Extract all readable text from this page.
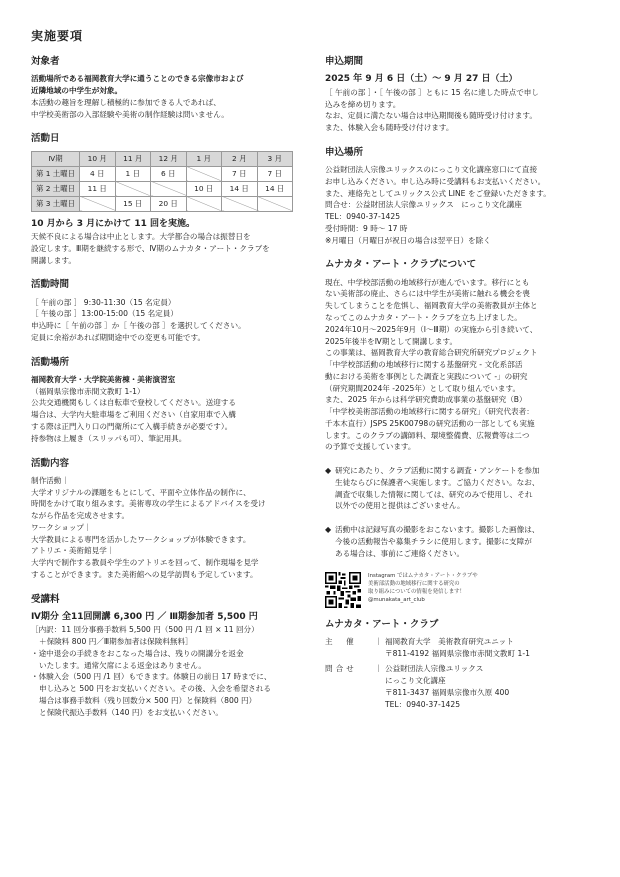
実施要項
対象者
活動場所である福岡教育大学に通うことのできる宗像市および
近隣地域の中学生が対象。
本活動の趣旨を理解し積極的に参加できる人であれば、
中学校美術部の入部経験や美術の制作経験は問いません。
活動日
Ⅳ期	10 月	11 月	12 月	1 月	2 月	3 月
第 1 土曜日	4 日	1 日	6 日		7 日	7 日
第 2 土曜日	11 日			10 日	14 日	14 日
第 3 土曜日		15 日	20 日			
10 月から 3 月にかけて 11 回を実施。
天候不良による場合は中止とします。大学都合の場合は振替日を
設定します。Ⅲ期を継続する形で、Ⅳ期のムナカタ・アート・クラブを
開講します。
活動時間
［ 午前の部 ］ 9:30-11:30（15 名定員）
［ 午後の部 ］13:00-15:00（15 名定員）
申込時に［ 午前の部 ］か［ 午後の部 ］を選択してください。
定員に余裕があれば期間途中での変更も可能です。
活動場所
福岡教育大学・大学院美術棟・美術演習室
（福岡県宗像市赤間文教町 1-1）
公共交通機関もしくは自転車で登校してください。送迎する
場合は、大学内大駐車場をご利用ください（自家用車で入構
する際は正門入り口の門衛所にて入構手続きが必要です）。
持参物は上履き（スリッパも可）、筆記用具。
活動内容
制作活動｜
大学オリジナルの課題をもとにして、平面や立体作品の制作に、
時間をかけて取り組みます。美術専攻の学生によるアドバイスを受け
ながら作品を完成させます。
ワークショップ｜
大学教員による専門を活かしたワークショップが体験できます。
アトリエ・美術館見学｜
大学内で制作する教員や学生のアトリエを回って、制作現場を見学
することができます。また美術館への見学訪問も予定しています。
受講料
Ⅳ期分 全11回開講 6,300 円 ／ Ⅲ期参加者 5,500 円
［内訳：11 回分事務手数料 5,500 円（500 円 /1 回 × 11 回分）
＋保険料 800 円／Ⅲ期参加者は保険料無料］
・途中退会の手続きをおこなった場合は、残りの開講分を返金
いたします。通常欠席による返金はありません。
・体験入会（500 円 /1 回）もできます。体験日の前日 17 時までに、
申し込みと 500 円をお支払いください。その後、入会を希望される
場合は事務手数料（残り回数分× 500 円）と保険料（800 円）
と保険代振込手数料（140 円）をお支払いください。
申込期間
2025 年 9 月 6 日（土）〜 9 月 27 日（土）
［ 午前の部 ］・［ 午後の部 ］ともに 15 名に達した時点で申し
込みを締め切ります。
なお、定員に満たない場合は申込期間後も随時受け付けます。
また、体験入会も随時受け付けます。
申込場所
公益財団法人宗像ユリックスのにっこり文化講座窓口にて直接
お申し込みください。申し込み時に受講料もお支払いください。
また、連絡先としてユリックス公式 LINE をご登録いただきます。
問合せ：公益財団法人宗像ユリックス　にっこり文化講座
TEL：0940-37-1425
受付時間：9 時〜 17 時
※月曜日（月曜日が祝日の場合は翌平日）を除く
ムナカタ・アート・クラブについて
現在、中学校部活動の地域移行が進んでいます。移行にとも
ない美術部の廃止、さらには中学生が美術に触れる機会を喪
失してしまうことを危惧し、福岡教育大学の美術教員が主体と
なってこのムナカタ・アート・クラブを立ち上げました。
2024年10月〜2025年9月（Ⅰ〜Ⅲ期）の実施から引き続いて、
2025年後半をⅣ期として開講します。
この事業は、福岡教育大学の教育総合研究所研究プロジェクト
「中学校部活動の地域移行に関する基盤研究 - 文化系部活
動における美術を事例とした調査と実践について -」の研究
（研究期間2024年 -2025年）として取り組んでいます。
また、2025 年からは科学研究費助成事業の基盤研究（B）
「中学校美術部活動の地域移行に関する研究」（研究代表者：
千本木直行）JSPS 25K00798の研究活動の一部としても実施
します。このクラブの講師料、環境整備費、広報費等は二つ
の予算で支援しています。
◆ 研究にあたり、クラブ活動に関する調査・アンケートを参加
生徒ならびに保護者へ実施します。ご協力ください。なお、
調査で収集した情報に関しては、研究のみで使用し、それ
以外での使用と提供はございません。
◆ 活動中は記録写真の撮影をおこないます。撮影した画像は、
今後の活動報告や募集チラシに使用します。撮影に支障が
ある場合は、事前にご連絡ください。
Instagram ではムナカタ・アート・クラブや
美術部活動の地域移行に関する研究の
取り組みについての情報を発信します！
@munakata_art_club
ムナカタ・アート・クラブ
主　催	｜ 福岡教育大学　美術教育研究ユニット
〒811-4192 福岡県宗像市赤間文教町 1-1
問合せ	｜ 公益財団法人宗像ユリックス
にっこり文化講座
〒811-3437 福岡県宗像市久原 400
TEL：0940-37-1425
